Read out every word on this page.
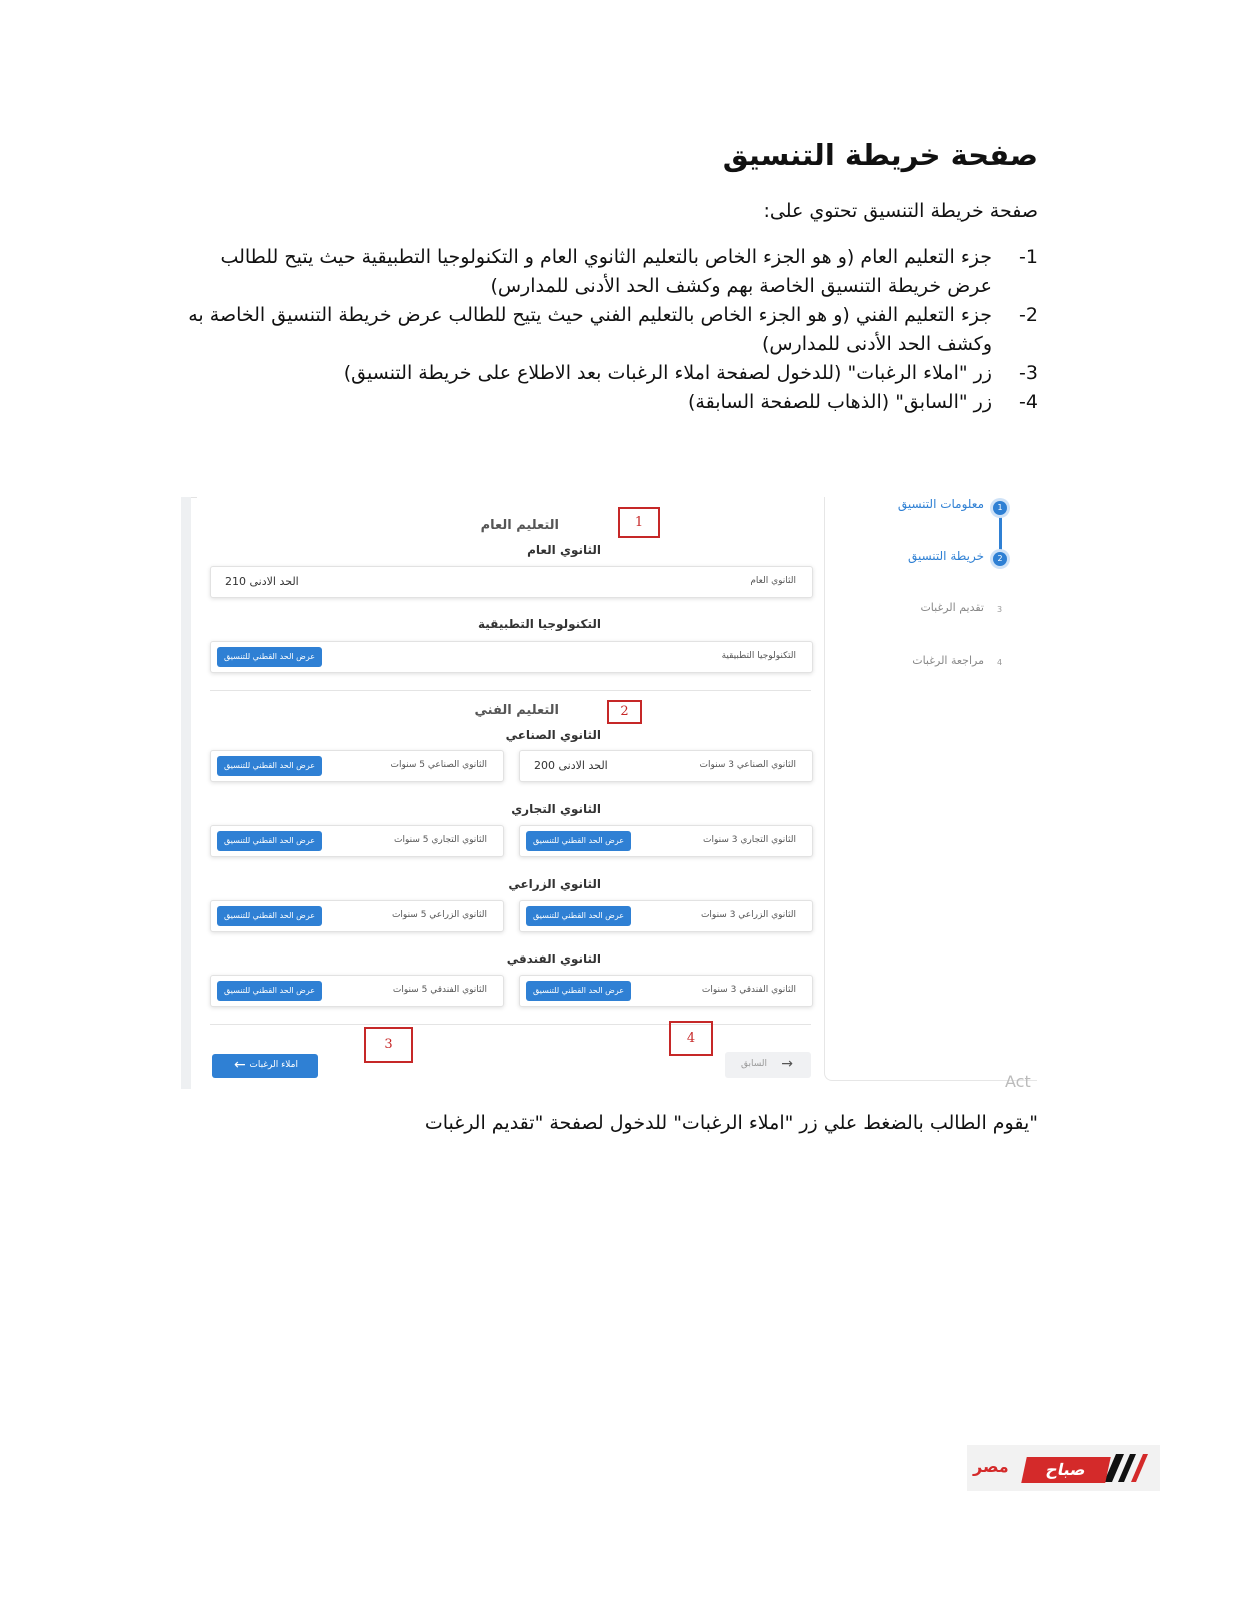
صفحة خريطة التنسيق
صفحة خريطة التنسيق تحتوي على:
-1
جزء التعليم العام (و هو الجزء الخاص بالتعليم الثانوي العام و التكنولوجيا التطبيقية حيث يتيح للطالب عرض خريطة التنسيق الخاصة بهم وكشف الحد الأدنى للمدارس)
-2
جزء التعليم الفني (و هو الجزء الخاص بالتعليم الفني حيث يتيح للطالب عرض خريطة التنسيق الخاصة به وكشف الحد الأدنى للمدارس)
-3
زر "املاء الرغبات" (للدخول لصفحة املاء الرغبات بعد الاطلاع على خريطة التنسيق)
-4
زر "السابق" (الذهاب للصفحة السابقة)
التعليم العام	1
الثانوي العام
الثانوي العام
الحد الادنى 210
التكنولوجيا التطبيقية
التكنولوجيا التطبيقية
عرض الحد القطني للتنسيق
التعليم الفني	2
الثانوي الصناعي
الثانوي الصناعي 3 سنوات
الحد الادنى 200
الثانوي الصناعي 5 سنوات
عرض الحد القطني للتنسيق
الثانوي التجاري
الثانوي التجاري 3 سنوات
عرض الحد القطني للتنسيق
الثانوي التجاري 5 سنوات
عرض الحد القطني للتنسيق
الثانوي الزراعي
الثانوي الزراعي 3 سنوات
عرض الحد القطني للتنسيق
الثانوي الزراعي 5 سنوات
عرض الحد القطني للتنسيق
الثانوي الفندقي
الثانوي الفندقي 3 سنوات
عرض الحد القطني للتنسيق
الثانوي الفندقي 5 سنوات
عرض الحد القطني للتنسيق
3	4
املاء الرغبات
←	السابق →
1
معلومات التنسيق
2
خريطة التنسيق
3
تقديم الرغبات
4
مراجعة الرغبات
Act
"يقوم الطالب بالضغط علي زر "املاء الرغبات" للدخول لصفحة "تقديم الرغبات
صباح
مصر
